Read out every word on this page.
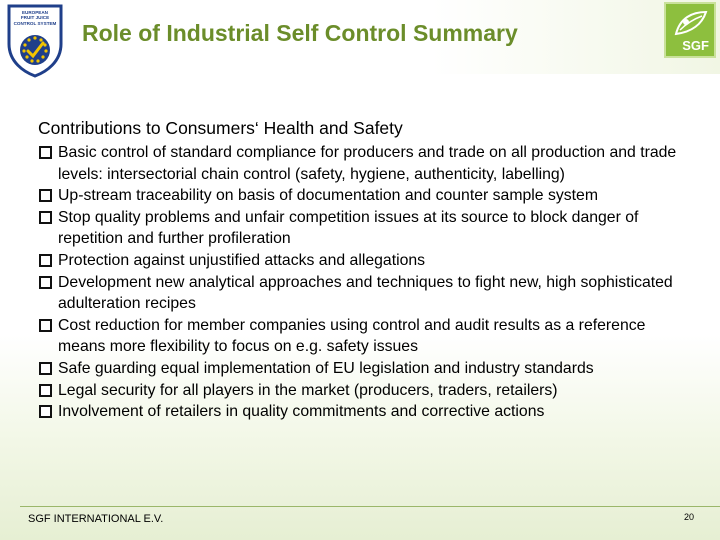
EUROPEAN
FRUIT JUICE
CONTROL SYSTEM Role of Industrial Self Control Summary	SGF
Contributions to Consumers‘ Health and Safety
Basic control of standard compliance for producers and trade on all production and trade levels: intersectorial chain control (safety, hygiene, authenticity, labelling)
Up-stream traceability on basis of documentation and counter sample system
Stop quality problems and unfair competition issues at its source to block danger of repetition and further profileration
Protection against unjustified attacks and allegations
Development new analytical approaches and techniques to fight new, high sophisticated adulteration recipes
Cost reduction for member companies using control and audit results as a reference means more flexibility to focus on e.g. safety issues
Safe guarding equal implementation of EU legislation and industry standards
Legal security for all players in the market (producers, traders, retailers)
Involvement of retailers in quality commitments and corrective actions
SGF INTERNATIONAL E.V.	20
